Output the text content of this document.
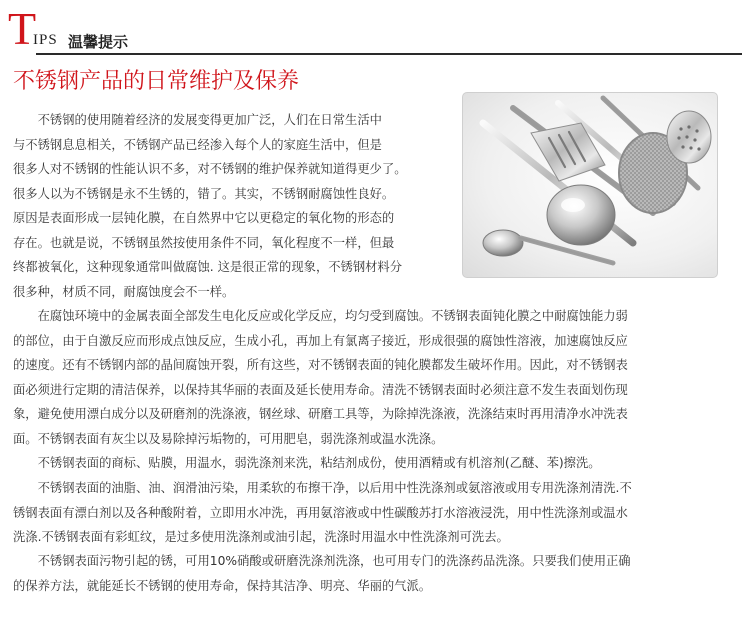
T
IPS 温馨提示
不锈钢产品的日常维护及保养
　　不锈钢的使用随着经济的发展变得更加广泛，人们在日常生活中
与不锈钢息息相关，不锈钢产品已经渗入每个人的家庭生活中，但是
很多人对不锈钢的性能认识不多，对不锈钢的维护保养就知道得更少了。
很多人以为不锈钢是永不生锈的，错了。其实，不锈钢耐腐蚀性良好。
原因是表面形成一层钝化膜，在自然界中它以更稳定的氧化物的形态的
存在。也就是说，不锈钢虽然按使用条件不同，氧化程度不一样，但最
终都被氧化，这种现象通常叫做腐蚀. 这是很正常的现象，不锈钢材料分
很多种，材质不同，耐腐蚀度会不一样。
　　在腐蚀环境中的金属表面全部发生电化反应或化学反应，均匀受到腐蚀。不锈钢表面钝化膜之中耐腐蚀能力弱
的部位，由于自激反应而形成点蚀反应，生成小孔，再加上有氯离子接近，形成很强的腐蚀性溶液，加速腐蚀反应
的速度。还有不锈钢内部的晶间腐蚀开裂，所有这些，对不锈钢表面的钝化膜都发生破坏作用。因此，对不锈钢表
面必须进行定期的清洁保养，以保持其华丽的表面及延长使用寿命。清洗不锈钢表面时必须注意不发生表面划伤现
象，避免使用漂白成分以及研磨剂的洗涤液，钢丝球、研磨工具等，为除掉洗涤液，洗涤结束时再用清净水冲洗表
面。不锈钢表面有灰尘以及易除掉污垢物的，可用肥皂，弱洗涤剂或温水洗涤。
　　不锈钢表面的商标、贴膜，用温水，弱洗涤剂来洗，粘结剂成份，使用酒精或有机溶剂(乙醚、苯)擦洗。
　　不锈钢表面的油脂、油、润滑油污染，用柔软的布擦干净，以后用中性洗涤剂或氨溶液或用专用洗涤剂清洗.不
锈钢表面有漂白剂以及各种酸附着，立即用水冲洗，再用氨溶液或中性碳酸苏打水溶液浸洗，用中性洗涤剂或温水
洗涤.不锈钢表面有彩虹纹，是过多使用洗涤剂或油引起，洗涤时用温水中性洗涤剂可洗去。
　　不锈钢表面污物引起的锈，可用10%硝酸或研磨洗涤剂洗涤，也可用专门的洗涤药品洗涤。只要我们使用正确
的保养方法，就能延长不锈钢的使用寿命，保持其洁净、明亮、华丽的气派。
